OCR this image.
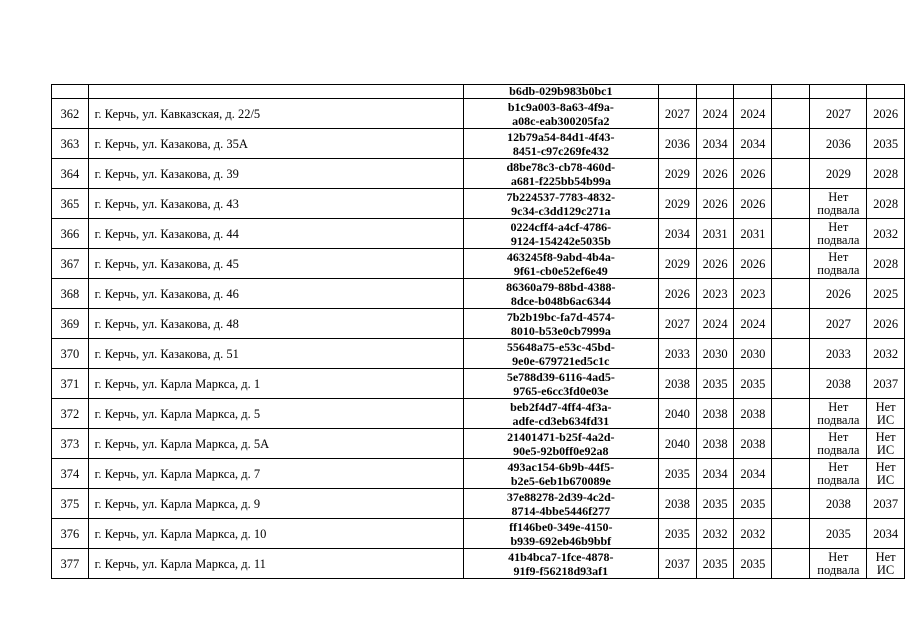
		b6db-029b983b0bc1						

362	г. Керчь, ул. Кавказская, д. 22/5	b1c9a003-8a63-4f9a-
a08c-eab300205fa2	2027	2024	2024		2027	2026

363	г. Керчь, ул. Казакова, д. 35А	12b79a54-84d1-4f43-
8451-c97c269fe432	2036	2034	2034		2036	2035

364	г. Керчь, ул. Казакова, д. 39	d8be78c3-cb78-460d-
a681-f225bb54b99a	2029	2026	2026		2029	2028

365	г. Керчь, ул. Казакова, д. 43	7b224537-7783-4832-
9c34-c3dd129c271a	2029	2026	2026		Нет
подвала	2028

366	г. Керчь, ул. Казакова, д. 44	0224cff4-a4cf-4786-
9124-154242e5035b	2034	2031	2031		Нет
подвала	2032

367	г. Керчь, ул. Казакова, д. 45	463245f8-9abd-4b4a-
9f61-cb0e52ef6e49	2029	2026	2026		Нет
подвала	2028

368	г. Керчь, ул. Казакова, д. 46	86360a79-88bd-4388-
8dce-b048b6ac6344	2026	2023	2023		2026	2025

369	г. Керчь, ул. Казакова, д. 48	7b2b19bc-fa7d-4574-
8010-b53e0cb7999a	2027	2024	2024		2027	2026

370	г. Керчь, ул. Казакова, д. 51	55648a75-e53c-45bd-
9e0e-679721ed5c1c	2033	2030	2030		2033	2032

371	г. Керчь, ул. Карла Маркса, д. 1	5e788d39-6116-4ad5-
9765-e6cc3fd0e03e	2038	2035	2035		2038	2037

372	г. Керчь, ул. Карла Маркса, д. 5	beb2f4d7-4ff4-4f3a-
adfe-cd3eb634fd31	2040	2038	2038		Нет
подвала	Нет
ИС

373	г. Керчь, ул. Карла Маркса, д. 5А	21401471-b25f-4a2d-
90e5-92b0ff0e92a8	2040	2038	2038		Нет
подвала	Нет
ИС

374	г. Керчь, ул. Карла Маркса, д. 7	493ac154-6b9b-44f5-
b2e5-6eb1b670089e	2035	2034	2034		Нет
подвала	Нет
ИС

375	г. Керчь, ул. Карла Маркса, д. 9	37e88278-2d39-4c2d-
8714-4bbe5446f277	2038	2035	2035		2038	2037

376	г. Керчь, ул. Карла Маркса, д. 10	ff146be0-349e-4150-
b939-692eb46b9bbf	2035	2032	2032		2035	2034

377	г. Керчь, ул. Карла Маркса, д. 11	41b4bca7-1fce-4878-
91f9-f56218d93af1	2037	2035	2035		Нет
подвала	Нет
ИС
